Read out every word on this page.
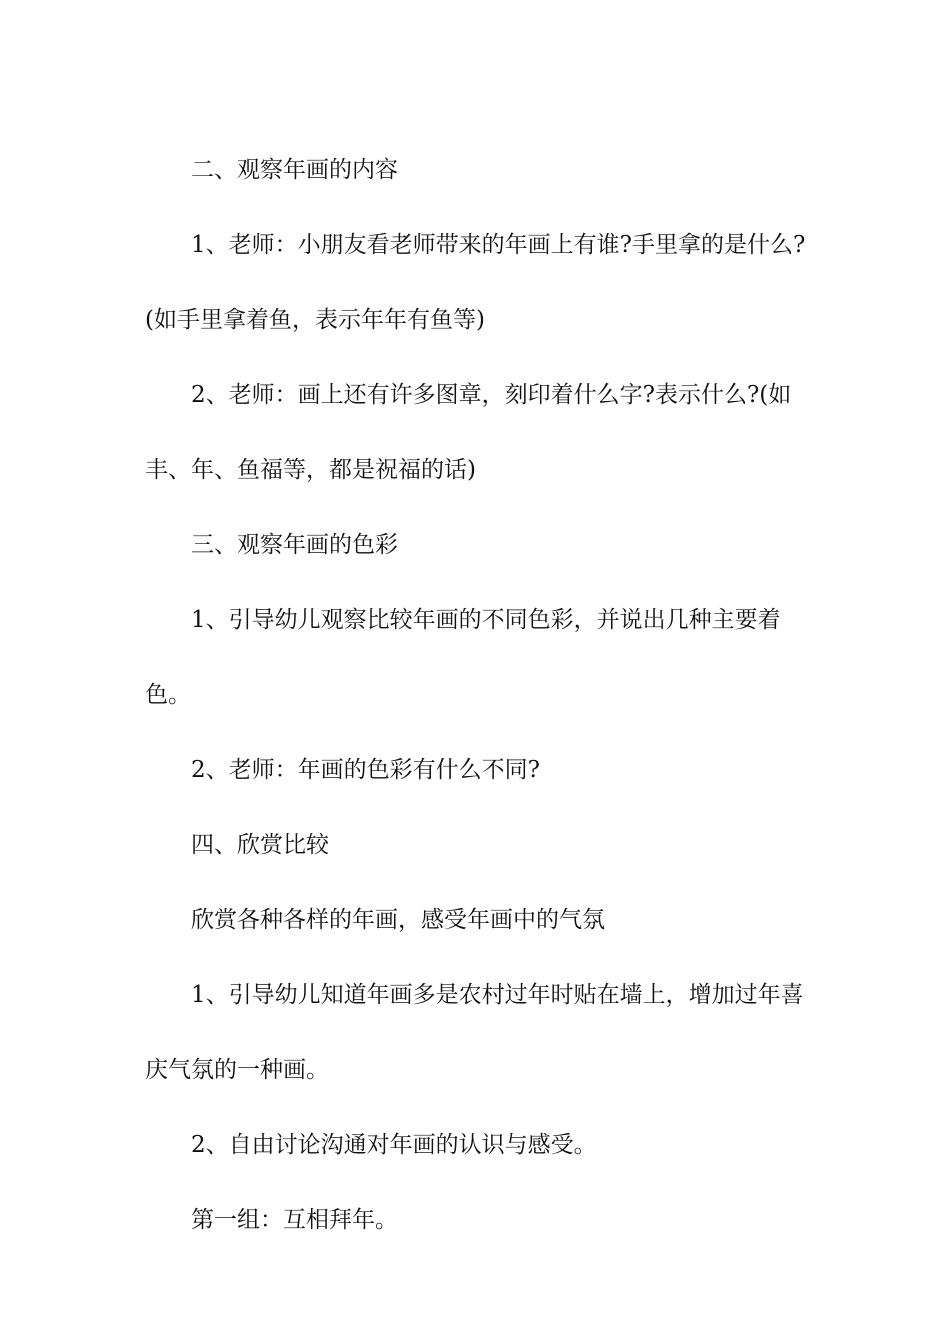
二、观察年画的内容

1、老师：小朋友看老师带来的年画上有谁?手里拿的是什么?(如手里拿着鱼，表示年年有鱼等)

2、老师：画上还有许多图章，刻印着什么字?表示什么?(如丰、年、鱼福等，都是祝福的话)

三、观察年画的色彩

1、引导幼儿观察比较年画的不同色彩，并说出几种主要着色。

2、老师：年画的色彩有什么不同?

四、欣赏比较

欣赏各种各样的年画，感受年画中的气氛

1、引导幼儿知道年画多是农村过年时贴在墙上，增加过年喜庆气氛的一种画。

2、自由讨论沟通对年画的认识与感受。

第一组：互相拜年。
